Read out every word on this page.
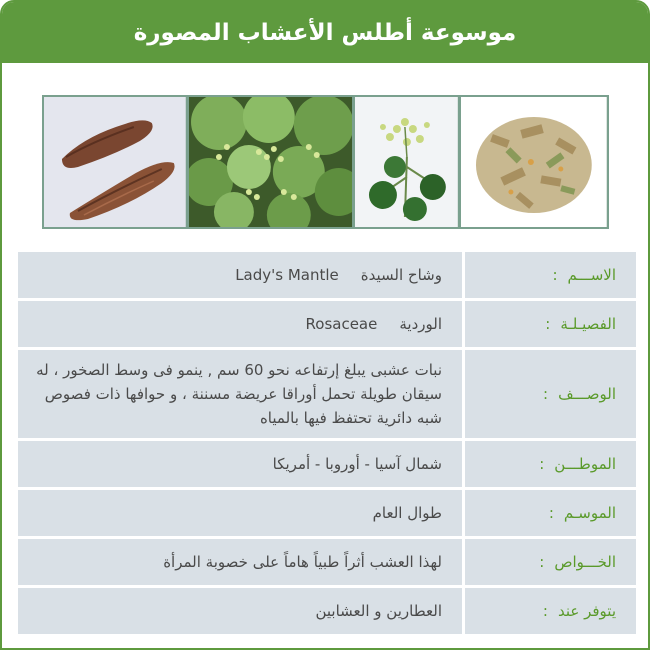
موسوعة أطلس الأعشاب المصورة
الاســـم
:
وشاح السيدة
Lady's Mantle
الفصيـلـة
:
الوردية
Rosaceae
الوصـــف
:
نبات عشبى يبلغ إرتفاعه نحو 60 سم , ينمو فى وسط الصخور ، له سيقان طويلة تحمل أوراقا عريضة مسننة ، و حوافها ذات فصوص شبه دائرية تحتفظ فيها بالمياه
الموطـــن
:
شمال آسيا - أوروبا - أمريكا
الموسـم
:
طوال العام
الخـــواص
:
لهذا العشب أثراً طبياً هاماً على خصوبة المرأة
يتوفر عند
:
العطارين و العشابين
